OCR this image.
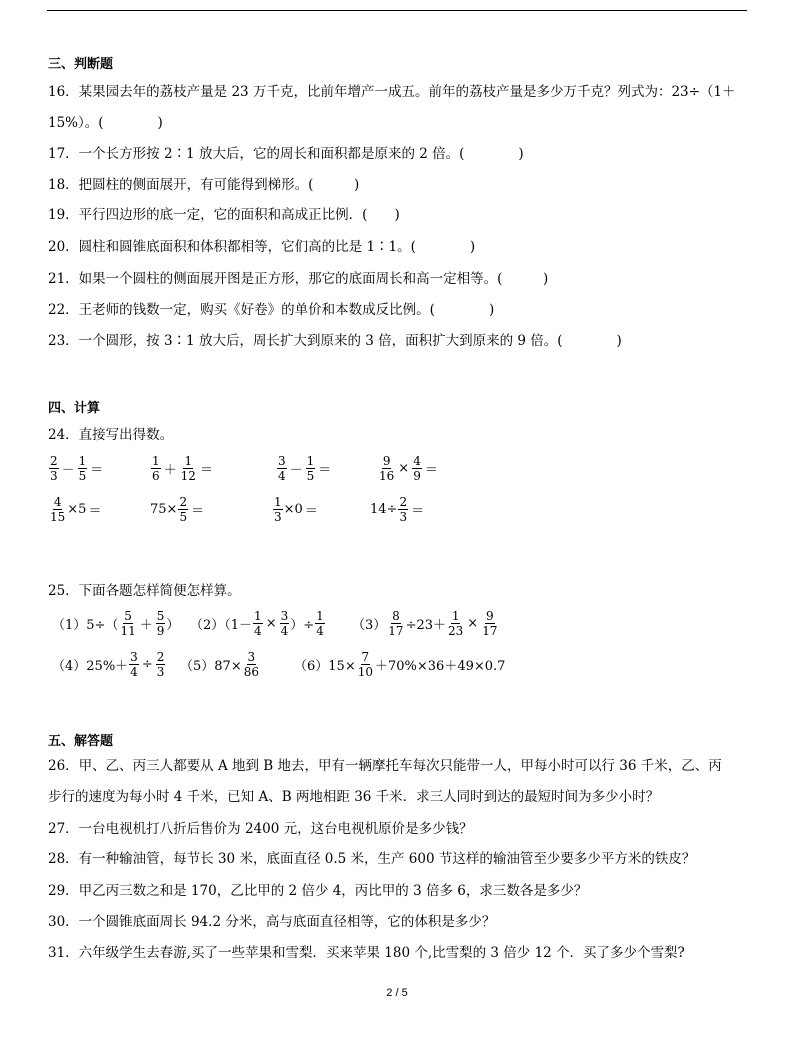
三、判断题
16．某果园去年的荔枝产量是 23 万千克，比前年增产一成五。前年的荔枝产量是多少万千克？列式为：23÷（1＋
15%）。(　　　　)
17．一个长方形按 2∶1 放大后，它的周长和面积都是原来的 2 倍。(　　　　)
18．把圆柱的侧面展开，有可能得到梯形。(　　　)
19．平行四边形的底一定，它的面积和高成正比例．(　　)
20．圆柱和圆锥底面积和体积都相等，它们高的比是 1∶1。(　　　　)
21．如果一个圆柱的侧面展开图是正方形，那它的底面周长和高一定相等。(　　　)
22．王老师的钱数一定，购买《好卷》的单价和本数成反比例。(　　　　)
23．一个圆形，按 3∶1 放大后，周长扩大到原来的 3 倍，面积扩大到原来的 9 倍。(　　　　)
四、计算
24．直接写出得数。
$\frac{2}{3} - \frac{1}{5}$ ＝	$\frac{1}{6} + \frac{1}{12}$ ＝	$\frac{3}{4} - \frac{1}{5}$ ＝	$\frac{9}{16} \times \frac{4}{9}$ ＝
$\frac{4}{15} \times 5$ ＝	$75\times \frac{2}{5}$ ＝	$\frac{1}{3} \times 0$ ＝	$14\div \frac{2}{3}$ ＝
25．下面各题怎样简便怎样算。
$(1)5\div( \frac{5}{11} + \frac{5}{9}$ ） $(2)(1- \frac{1}{4} \times \frac{3}{4}$ ）÷ $\frac{1}{4} (3) \frac{8}{17} \div 23+ \frac{1}{23} \times \frac{9}{17}$
$(4)25\%+ \frac{3}{4} \div \frac{2}{3} (5)87\times \frac{3}{86}$	$(6)15\times \frac{7}{10} +70\%\times 36+49\times 0.7$
五、解答题
26．甲、乙、丙三人都要从 A 地到 B 地去，甲有一辆摩托车每次只能带一人，甲每小时可以行 36 千米，乙、丙
步行的速度为每小时 4 千米，已知 A、B 两地相距 36 千米．求三人同时到达的最短时间为多少小时？
27．一台电视机打八折后售价为 2400 元，这台电视机原价是多少钱？
28．有一种输油管，每节长 30 米，底面直径 0.5 米，生产 600 节这样的输油管至少要多少平方米的铁皮？
29．甲乙丙三数之和是 170，乙比甲的 2 倍少 4，丙比甲的 3 倍多 6，求三数各是多少？
30．一个圆锥底面周长 94.2 分米，高与底面直径相等，它的体积是多少？
31．六年级学生去春游,买了一些苹果和雪梨．买来苹果 180 个,比雪梨的 3 倍少 12 个．买了多少个雪梨?
2 / 5
